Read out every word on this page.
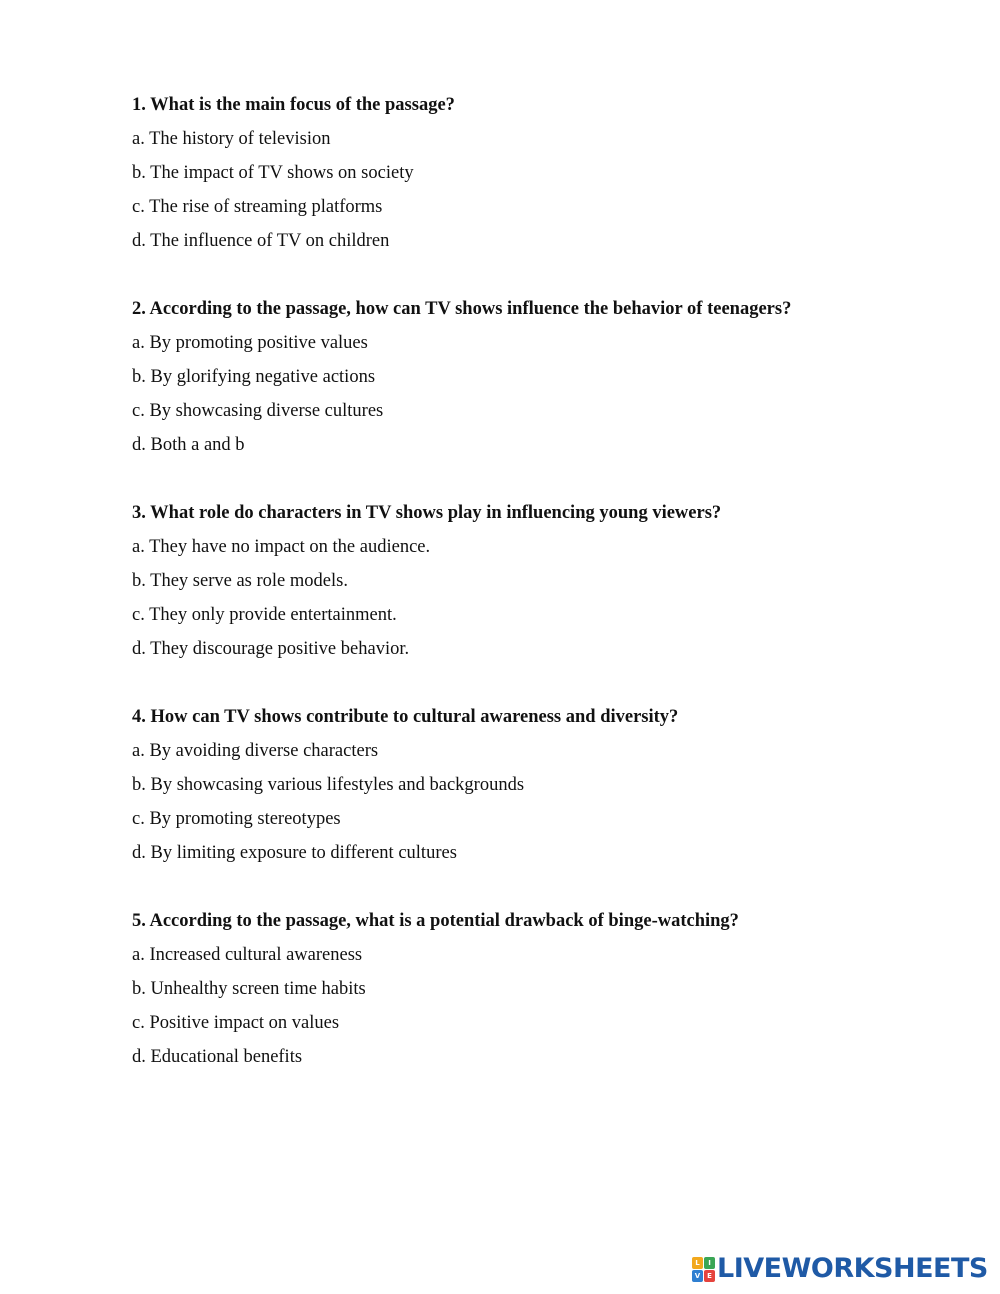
1. What is the main focus of the passage?
a. The history of television
b. The impact of TV shows on society
c. The rise of streaming platforms
d. The influence of TV on children
2. According to the passage, how can TV shows influence the behavior of teenagers?
a. By promoting positive values
b. By glorifying negative actions
c. By showcasing diverse cultures
d. Both a and b
3. What role do characters in TV shows play in influencing young viewers?
a. They have no impact on the audience.
b. They serve as role models.
c. They only provide entertainment.
d. They discourage positive behavior.
4. How can TV shows contribute to cultural awareness and diversity?
a. By avoiding diverse characters
b. By showcasing various lifestyles and backgrounds
c. By promoting stereotypes
d. By limiting exposure to different cultures
5. According to the passage, what is a potential drawback of binge-watching?
a. Increased cultural awareness
b. Unhealthy screen time habits
c. Positive impact on values
d. Educational benefits
L	I
V E LIVEWORKSHEETS
